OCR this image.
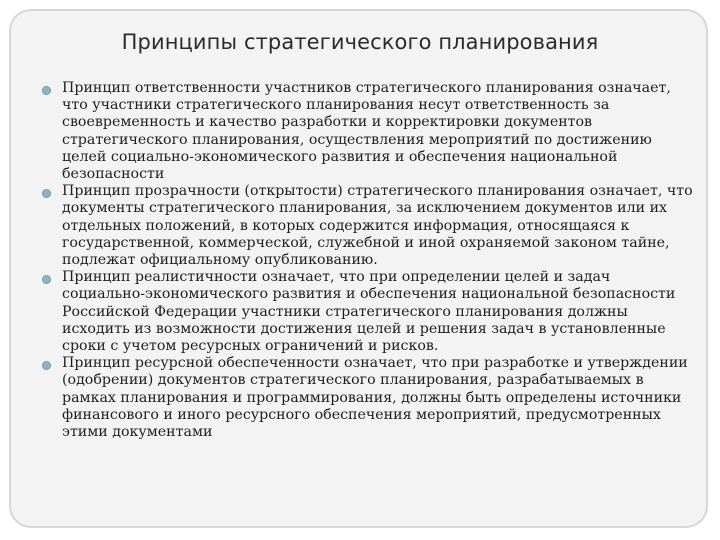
Принципы стратегического планирования
Принцип ответственности участников стратегического планирования означает, что участники стратегического планирования несут ответственность за своевременность и качество разработки и корректировки документов стратегического планирования, осуществления мероприятий по достижению целей социально-экономического развития и обеспечения национальной безопасности
Принцип прозрачности (открытости) стратегического планирования означает, что документы стратегического планирования, за исключением документов или их отдельных положений, в которых содержится информация, относящаяся к государственной, коммерческой, служебной и иной охраняемой законом тайне, подлежат официальному опубликованию.
Принцип реалистичности означает, что при определении целей и задач социально-экономического развития и обеспечения национальной безопасности Российской Федерации участники стратегического планирования должны исходить из возможности достижения целей и решения задач в установленные сроки с учетом ресурсных ограничений и рисков.
Принцип ресурсной обеспеченности означает, что при разработке и утверждении (одобрении) документов стратегического планирования, разрабатываемых в рамках планирования и программирования, должны быть определены источники финансового и иного ресурсного обеспечения мероприятий, предусмотренных этими документами
